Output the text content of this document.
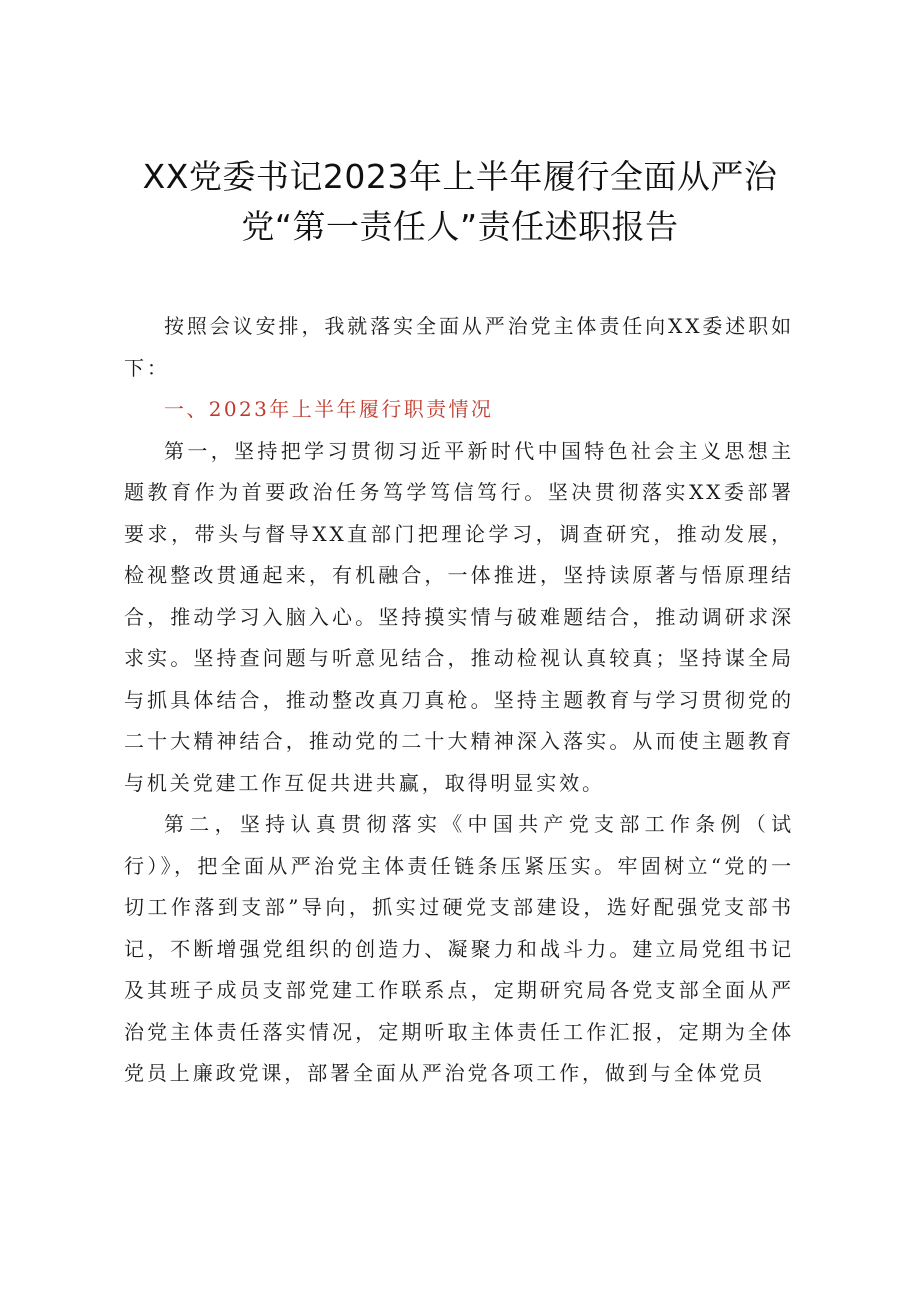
XX党委书记2023年上半年履行全面从严治
党“第一责任人”责任述职报告

按照会议安排，我就落实全面从严治党主体责任向XX委述职如下：

一、2023年上半年履行职责情况

第一，坚持把学习贯彻习近平新时代中国特色社会主义思想主题教育作为首要政治任务笃学笃信笃行。坚决贯彻落实XX委部署要求，带头与督导XX直部门把理论学习，调查研究，推动发展，检视整改贯通起来，有机融合，一体推进，坚持读原著与悟原理结合，推动学习入脑入心。坚持摸实情与破难题结合，推动调研求深求实。坚持查问题与听意见结合，推动检视认真较真；坚持谋全局与抓具体结合，推动整改真刀真枪。坚持主题教育与学习贯彻党的二十大精神结合，推动党的二十大精神深入落实。从而使主题教育与机关党建工作互促共进共赢，取得明显实效。

第二，坚持认真贯彻落实《中国共产党支部工作条例（试行）》，把全面从严治党主体责任链条压紧压实。牢固树立“党的一切工作落到支部”导向，抓实过硬党支部建设，选好配强党支部书记，不断增强党组织的创造力、凝聚力和战斗力。建立局党组书记及其班子成员支部党建工作联系点，定期研究局各党支部全面从严治党主体责任落实情况，定期听取主体责任工作汇报，定期为全体党员上廉政党课，部署全面从严治党各项工作，做到与全体党员
